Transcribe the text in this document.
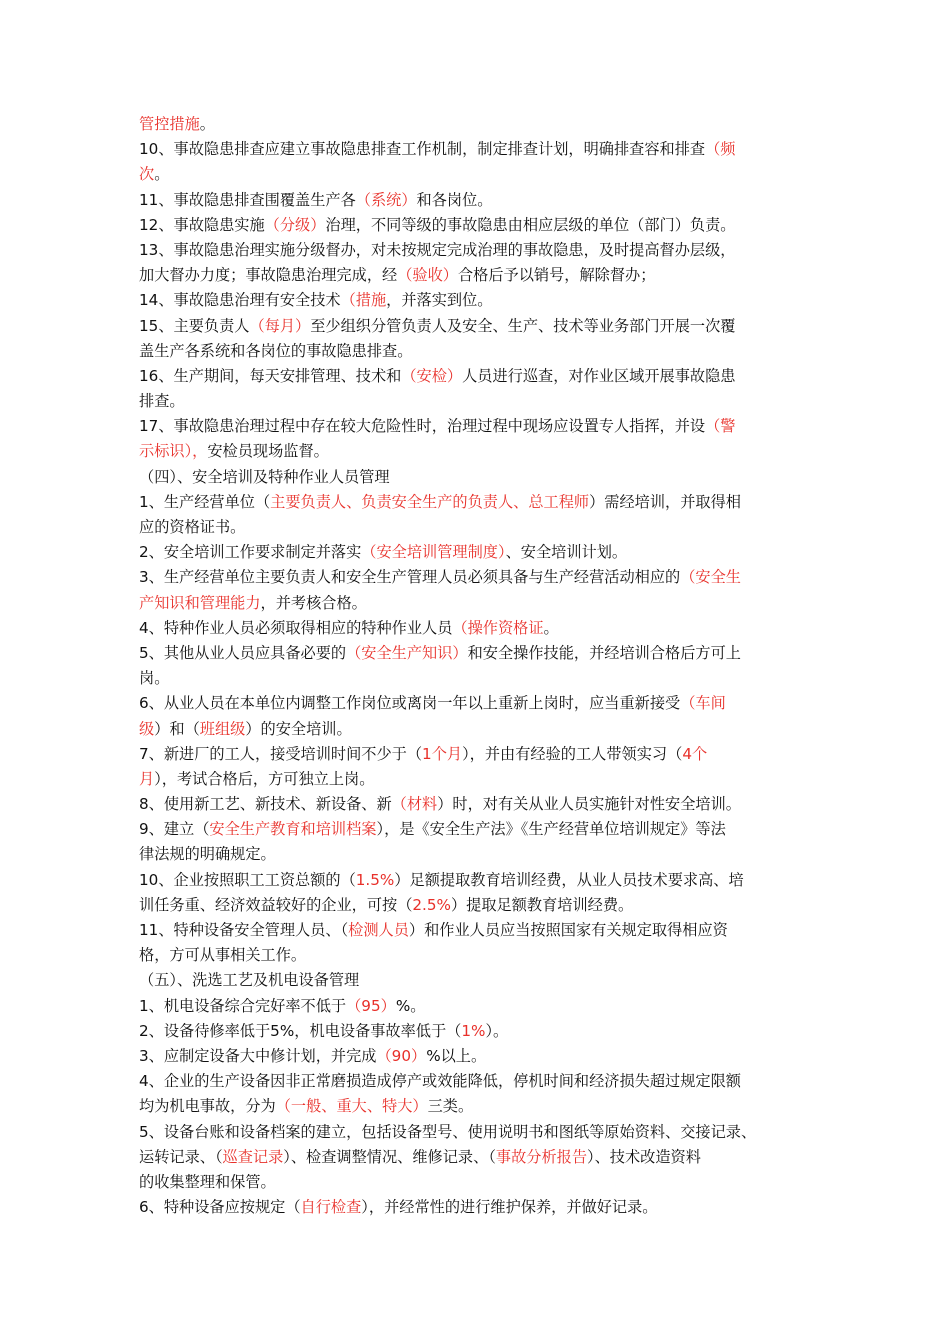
管控措施。
10、事故隐患排查应建立事故隐患排查工作机制，制定排查计划，明确排查容和排查（频
次。
11、事故隐患排查围覆盖生产各（系统）和各岗位。
12、事故隐患实施（分级）治理，不同等级的事故隐患由相应层级的单位（部门）负责。
13、事故隐患治理实施分级督办，对未按规定完成治理的事故隐患，及时提高督办层级，
加大督办力度；事故隐患治理完成，经（验收）合格后予以销号，解除督办；
14、事故隐患治理有安全技术（措施，并落实到位。
15、主要负责人（每月）至少组织分管负责人及安全、生产、技术等业务部门开展一次覆
盖生产各系统和各岗位的事故隐患排查。
16、生产期间，每天安排管理、技术和（安检）人员进行巡查，对作业区域开展事故隐患
排查。
17、事故隐患治理过程中存在较大危险性时，治理过程中现场应设置专人指挥，并设（警
示标识），安检员现场监督。
（四）、安全培训及特种作业人员管理
1、生产经营单位（主要负责人、负责安全生产的负责人、总工程师）需经培训，并取得相
应的资格证书。
2、安全培训工作要求制定并落实（安全培训管理制度）、安全培训计划。
3、生产经营单位主要负责人和安全生产管理人员必须具备与生产经营活动相应的（安全生
产知识和管理能力，并考核合格。
4、特种作业人员必须取得相应的特种作业人员（操作资格证。
5、其他从业人员应具备必要的（安全生产知识）和安全操作技能，并经培训合格后方可上
岗。
6、从业人员在本单位内调整工作岗位或离岗一年以上重新上岗时，应当重新接受（车间
级）和（班组级）的安全培训。
7、新进厂的工人，接受培训时间不少于（1个月），并由有经验的工人带领实习（4个
月），考试合格后，方可独立上岗。
8、使用新工艺、新技术、新设备、新（材料）时，对有关从业人员实施针对性安全培训。
9、建立（安全生产教育和培训档案），是《安全生产法》《生产经营单位培训规定》等法
律法规的明确规定。
10、企业按照职工工资总额的（1.5%）足额提取教育培训经费，从业人员技术要求高、培
训任务重、经济效益较好的企业，可按（2.5%）提取足额教育培训经费。
11、特种设备安全管理人员、（检测人员）和作业人员应当按照国家有关规定取得相应资
格，方可从事相关工作。
（五）、洗选工艺及机电设备管理
1、机电设备综合完好率不低于（95）%。
2、设备待修率低于5%，机电设备事故率低于（1%）。
3、应制定设备大中修计划，并完成（90）%以上。
4、企业的生产设备因非正常磨损造成停产或效能降低，停机时间和经济损失超过规定限额
均为机电事故，分为（一般、重大、特大）三类。
5、设备台账和设备档案的建立，包括设备型号、使用说明书和图纸等原始资料、交接记录、
运转记录、（巡查记录）、检查调整情况、维修记录、（事故分析报告）、技术改造资料
的收集整理和保管。
6、特种设备应按规定（自行检查），并经常性的进行维护保养，并做好记录。
